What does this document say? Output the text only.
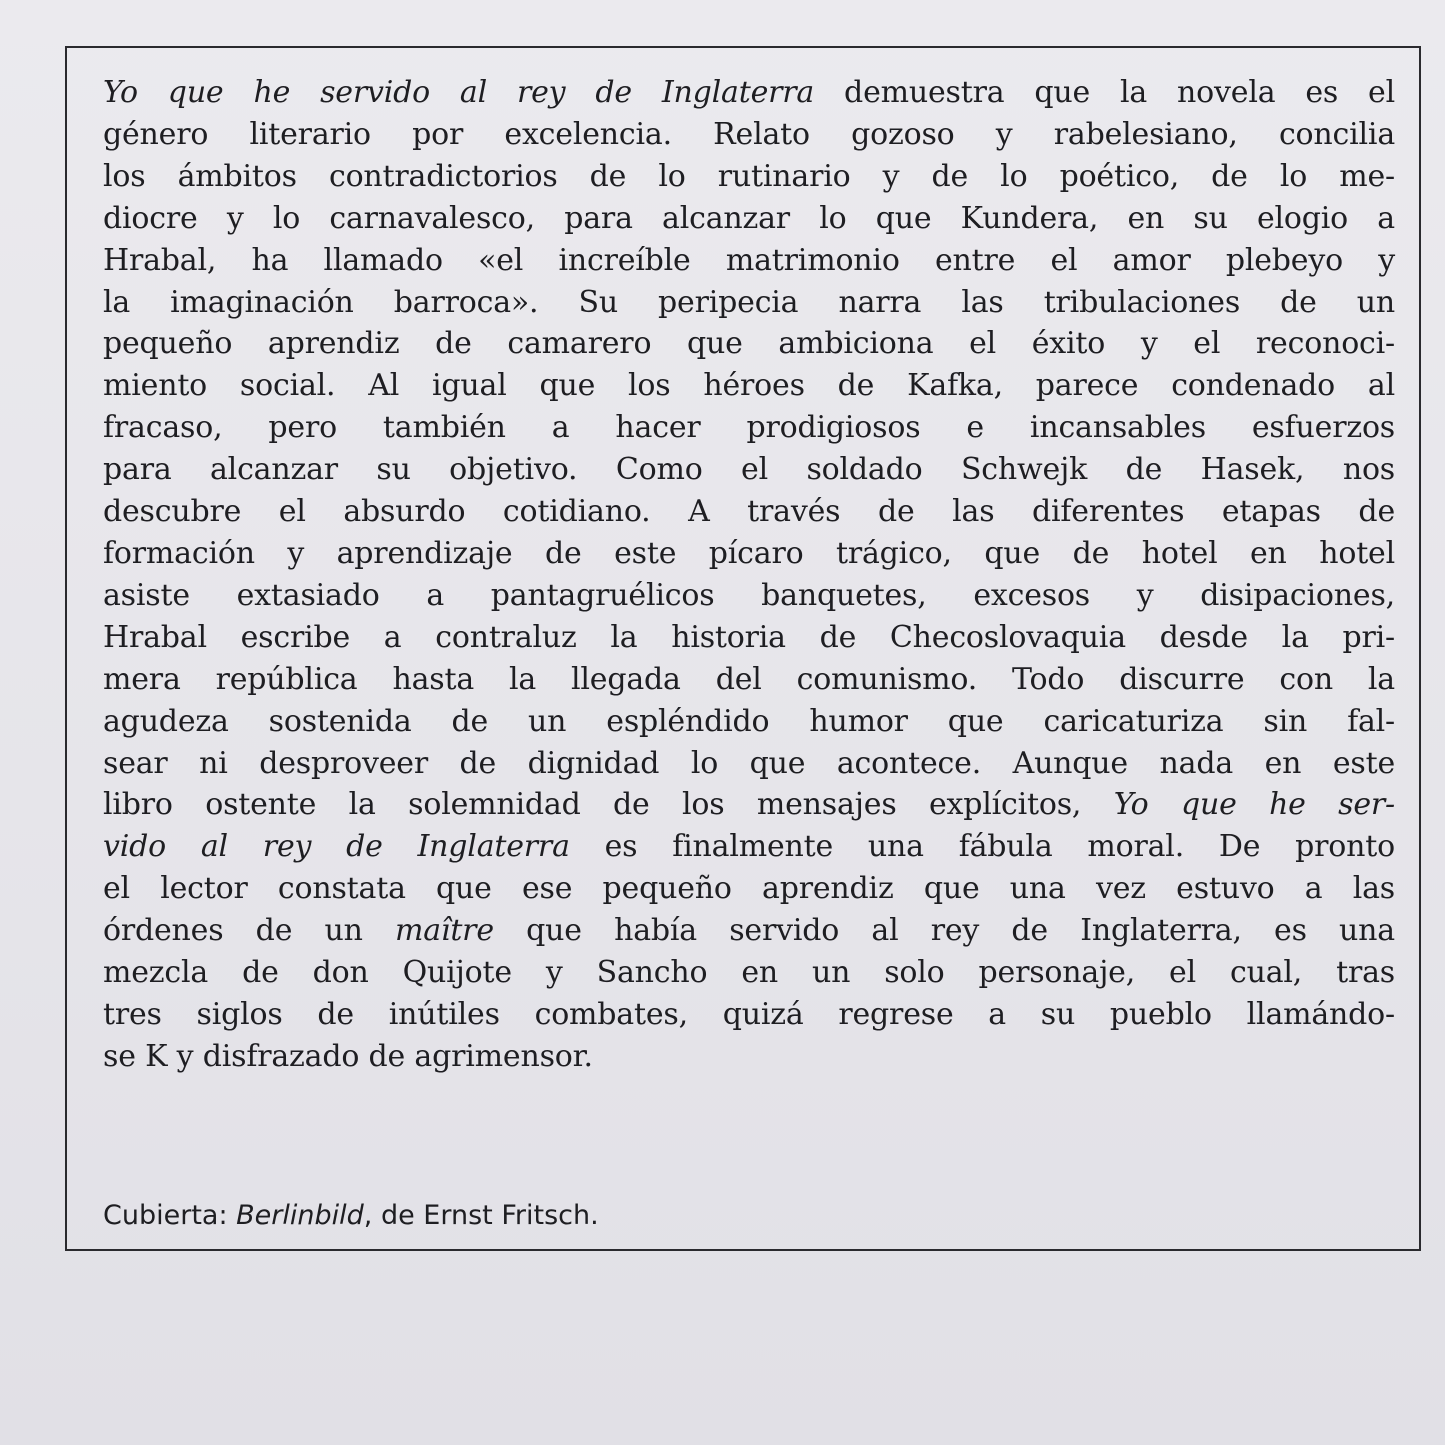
Yo que he servido al rey de Inglaterra demuestra que la novela es el
género literario por excelencia. Relato gozoso y rabelesiano, concilia
los ámbitos contradictorios de lo rutinario y de lo poético, de lo me-
diocre y lo carnavalesco, para alcanzar lo que Kundera, en su elogio a
Hrabal, ha llamado «el increíble matrimonio entre el amor plebeyo y
la imaginación barroca». Su peripecia narra las tribulaciones de un
pequeño aprendiz de camarero que ambiciona el éxito y el reconoci-
miento social. Al igual que los héroes de Kafka, parece condenado al
fracaso, pero también a hacer prodigiosos e incansables esfuerzos
para alcanzar su objetivo. Como el soldado Schwejk de Hasek, nos
descubre el absurdo cotidiano. A través de las diferentes etapas de
formación y aprendizaje de este pícaro trágico, que de hotel en hotel
asiste extasiado a pantagruélicos banquetes, excesos y disipaciones,
Hrabal escribe a contraluz la historia de Checoslovaquia desde la pri-
mera república hasta la llegada del comunismo. Todo discurre con la
agudeza sostenida de un espléndido humor que caricaturiza sin fal-
sear ni desproveer de dignidad lo que acontece. Aunque nada en este
libro ostente la solemnidad de los mensajes explícitos, Yo que he ser-
vido al rey de Inglaterra es finalmente una fábula moral. De pronto
el lector constata que ese pequeño aprendiz que una vez estuvo a las
órdenes de un maître que había servido al rey de Inglaterra, es una
mezcla de don Quijote y Sancho en un solo personaje, el cual, tras
tres siglos de inútiles combates, quizá regrese a su pueblo llamándo-
se K y disfrazado de agrimensor.

Cubierta: Berlinbild, de Ernst Fritsch.
